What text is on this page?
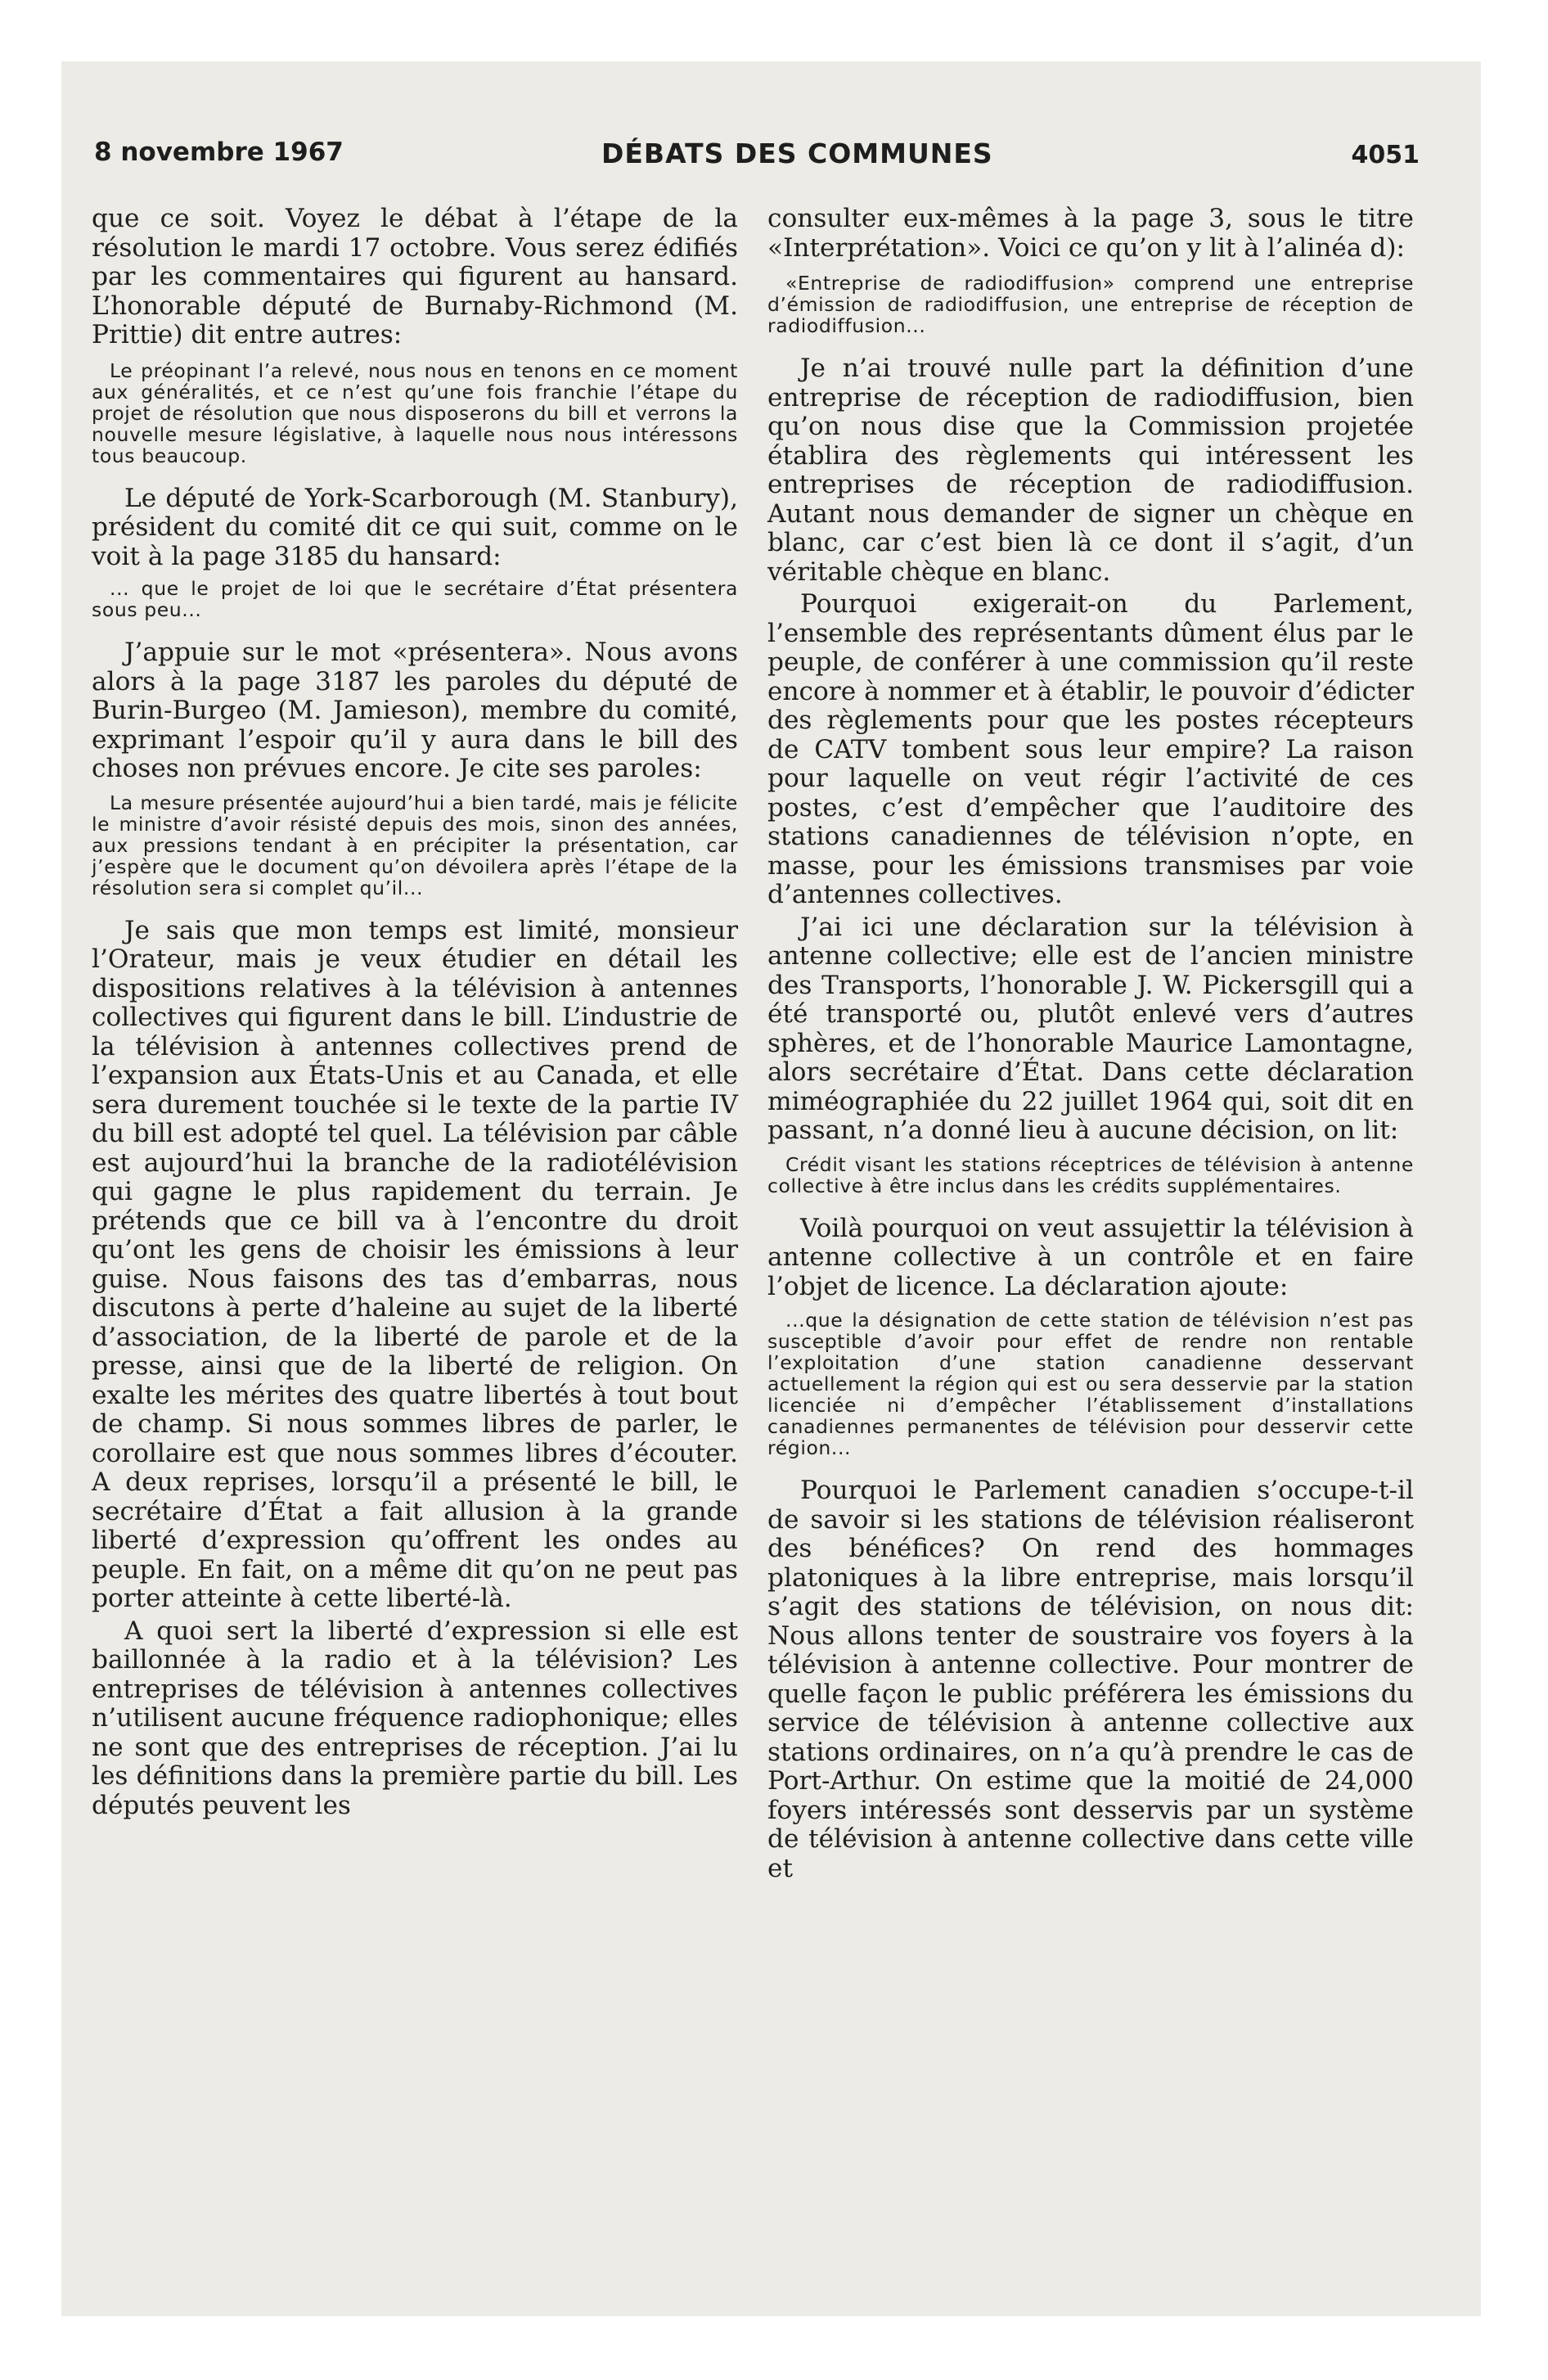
8 novembre 1967	DÉBATS DES COMMUNES	4051

que ce soit. Voyez le débat à l’étape de la résolution le mardi 17 octobre. Vous serez édifiés par les commentaires qui figurent au hansard. L’honorable député de Burnaby-Richmond (M. Prittie) dit entre autres:

Le préopinant l’a relevé, nous nous en tenons en ce moment aux généralités, et ce n’est qu’une fois franchie l’étape du projet de résolution que nous disposerons du bill et verrons la nouvelle mesure législative, à laquelle nous nous intéressons tous beaucoup.

Le député de York-Scarborough (M. Stanbury), président du comité dit ce qui suit, comme on le voit à la page 3185 du hansard:

... que le projet de loi que le secrétaire d’État présentera sous peu...

J’appuie sur le mot «présentera». Nous avons alors à la page 3187 les paroles du député de Burin-Burgeo (M. Jamieson), membre du comité, exprimant l’espoir qu’il y aura dans le bill des choses non prévues encore. Je cite ses paroles:

La mesure présentée aujourd’hui a bien tardé, mais je félicite le ministre d’avoir résisté depuis des mois, sinon des années, aux pressions tendant à en précipiter la présentation, car j’espère que le document qu’on dévoilera après l’étape de la résolution sera si complet qu’il...

Je sais que mon temps est limité, monsieur l’Orateur, mais je veux étudier en détail les dispositions relatives à la télévision à antennes collectives qui figurent dans le bill. L’industrie de la télévision à antennes collectives prend de l’expansion aux États-Unis et au Canada, et elle sera durement touchée si le texte de la partie IV du bill est adopté tel quel. La télévision par câble est aujourd’hui la branche de la radiotélévision qui gagne le plus rapidement du terrain. Je prétends que ce bill va à l’encontre du droit qu’ont les gens de choisir les émissions à leur guise. Nous faisons des tas d’embarras, nous discutons à perte d’haleine au sujet de la liberté d’association, de la liberté de parole et de la presse, ainsi que de la liberté de religion. On exalte les mérites des quatre libertés à tout bout de champ. Si nous sommes libres de parler, le corollaire est que nous sommes libres d’écouter. A deux reprises, lorsqu’il a présenté le bill, le secrétaire d’État a fait allusion à la grande liberté d’expression qu’offrent les ondes au peuple. En fait, on a même dit qu’on ne peut pas porter atteinte à cette liberté-là.

A quoi sert la liberté d’expression si elle est baillonnée à la radio et à la télévision? Les entreprises de télévision à antennes collectives n’utilisent aucune fréquence radiophonique; elles ne sont que des entreprises de réception. J’ai lu les définitions dans la première partie du bill. Les députés peuvent les

consulter eux-mêmes à la page 3, sous le titre «Interprétation». Voici ce qu’on y lit à l’alinéa d):

«Entreprise de radiodiffusion» comprend une entreprise d’émission de radiodiffusion, une entreprise de réception de radiodiffusion...

Je n’ai trouvé nulle part la définition d’une entreprise de réception de radiodiffusion, bien qu’on nous dise que la Commission projetée établira des règlements qui intéressent les entreprises de réception de radiodiffusion. Autant nous demander de signer un chèque en blanc, car c’est bien là ce dont il s’agit, d’un véritable chèque en blanc.

Pourquoi exigerait-on du Parlement, l’ensemble des représentants dûment élus par le peuple, de conférer à une commission qu’il reste encore à nommer et à établir, le pouvoir d’édicter des règlements pour que les postes récepteurs de CATV tombent sous leur empire? La raison pour laquelle on veut régir l’activité de ces postes, c’est d’empêcher que l’auditoire des stations canadiennes de télévision n’opte, en masse, pour les émissions transmises par voie d’antennes collectives.

J’ai ici une déclaration sur la télévision à antenne collective; elle est de l’ancien ministre des Transports, l’honorable J. W. Pickersgill qui a été transporté ou, plutôt enlevé vers d’autres sphères, et de l’honorable Maurice Lamontagne, alors secrétaire d’État. Dans cette déclaration miméographiée du 22 juillet 1964 qui, soit dit en passant, n’a donné lieu à aucune décision, on lit:

Crédit visant les stations réceptrices de télévision à antenne collective à être inclus dans les crédits supplémentaires.

Voilà pourquoi on veut assujettir la télévision à antenne collective à un contrôle et en faire l’objet de licence. La déclaration ajoute:

...que la désignation de cette station de télévision n’est pas susceptible d’avoir pour effet de rendre non rentable l’exploitation d’une station canadienne desservant actuellement la région qui est ou sera desservie par la station licenciée ni d’empêcher l’établissement d’installations canadiennes permanentes de télévision pour desservir cette région...

Pourquoi le Parlement canadien s’occupe-t-il de savoir si les stations de télévision réaliseront des bénéfices? On rend des hommages platoniques à la libre entreprise, mais lorsqu’il s’agit des stations de télévision, on nous dit: Nous allons tenter de soustraire vos foyers à la télévision à antenne collective. Pour montrer de quelle façon le public préférera les émissions du service de télévision à antenne collective aux stations ordinaires, on n’a qu’à prendre le cas de Port-Arthur. On estime que la moitié de 24,000 foyers intéressés sont desservis par un système de télévision à antenne collective dans cette ville et
